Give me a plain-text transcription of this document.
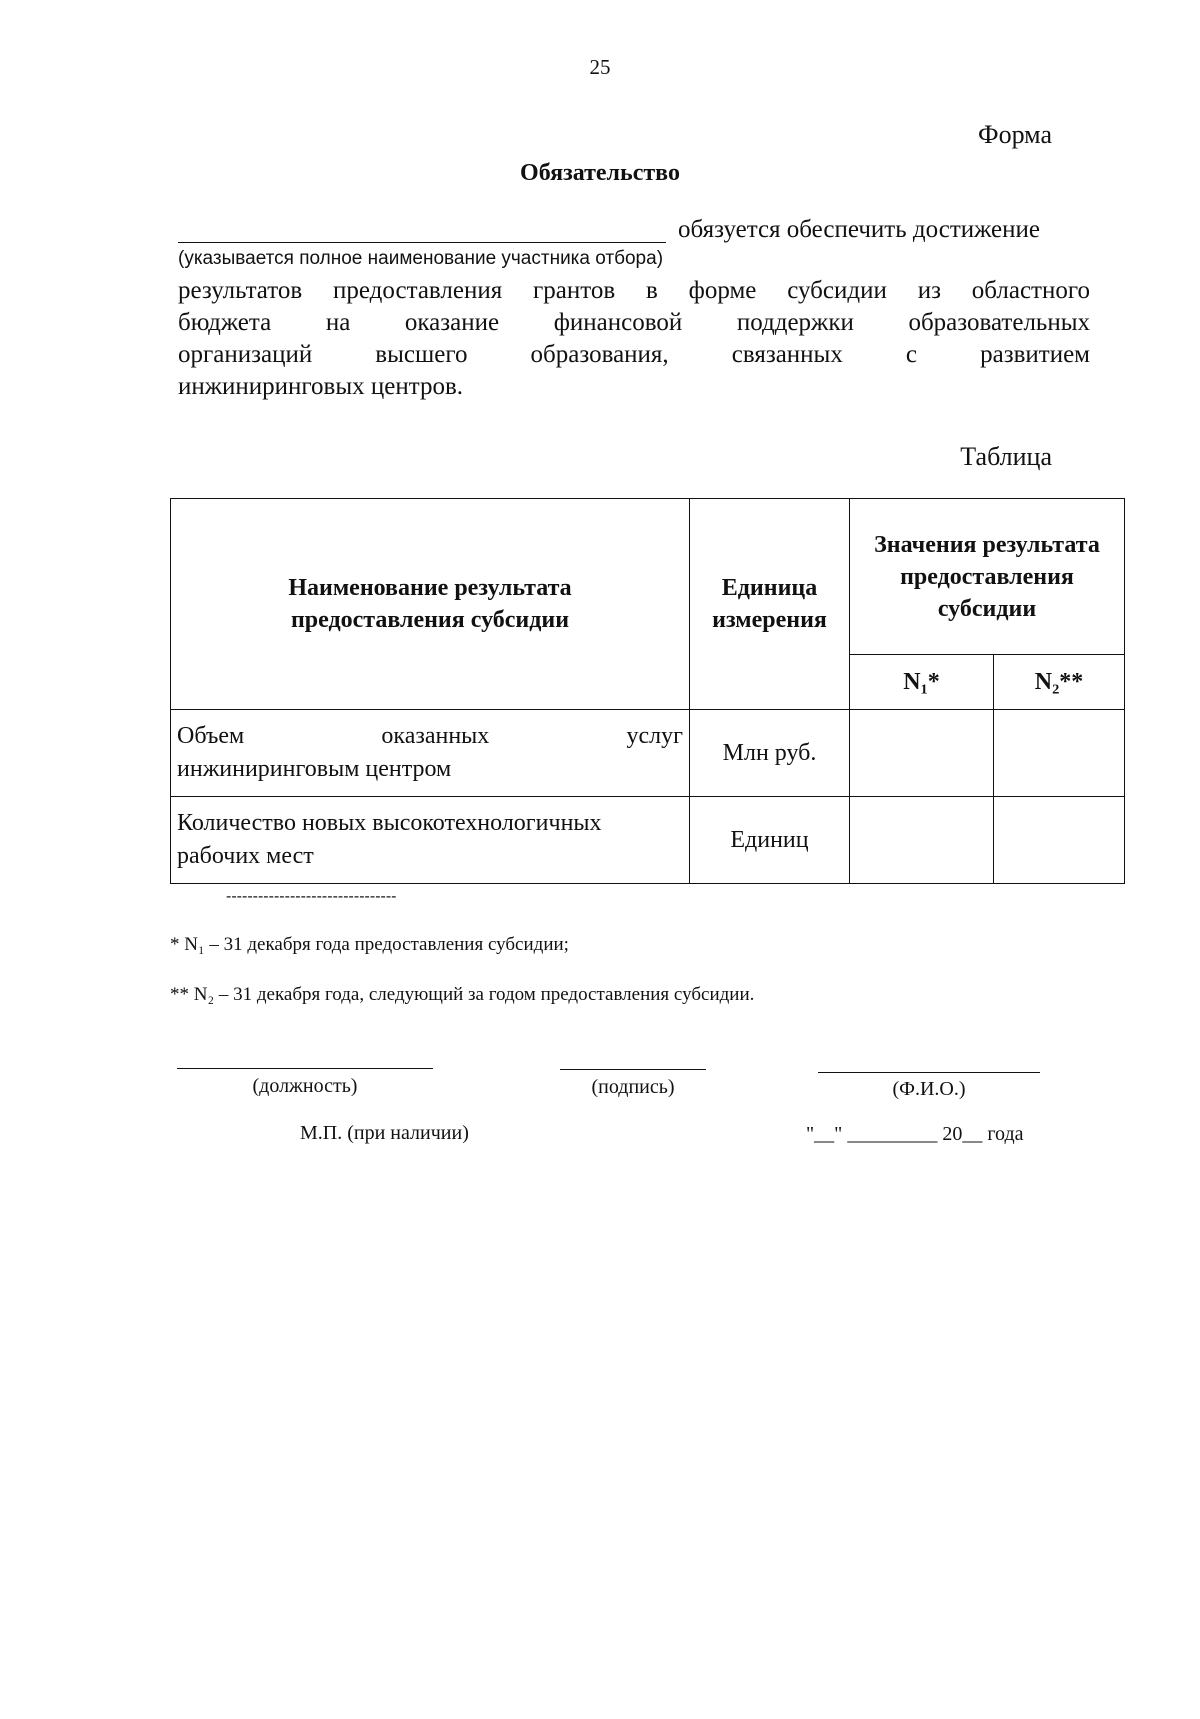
25
Форма
Обязательство
обязуется обеспечить достижение
(указывается полное наименование участника отбора)
результатов предоставления грантов в форме субсидии из областного
бюджета на оказание финансовой поддержки образовательных
организаций высшего образования, связанных с развитием
инжиниринговых центров.
Таблица
Наименование результата предоставления субсидии	Единица измерения	Значения результата предоставления субсидии	
		N₁*	N₂**

Объем оказанных услуг
инжиниринговым центром	Млн руб.		

Количество новых высокотехнологичных
рабочих мест	Единиц		
--------------------------------
* N₁ – 31 декабря года предоставления субсидии;
** N₂ – 31 декабря года, следующий за годом предоставления субсидии.
(должность)	(подпись)	(Ф.И.О.)
М.П. (при наличии)	"__" _________ 20__ года
